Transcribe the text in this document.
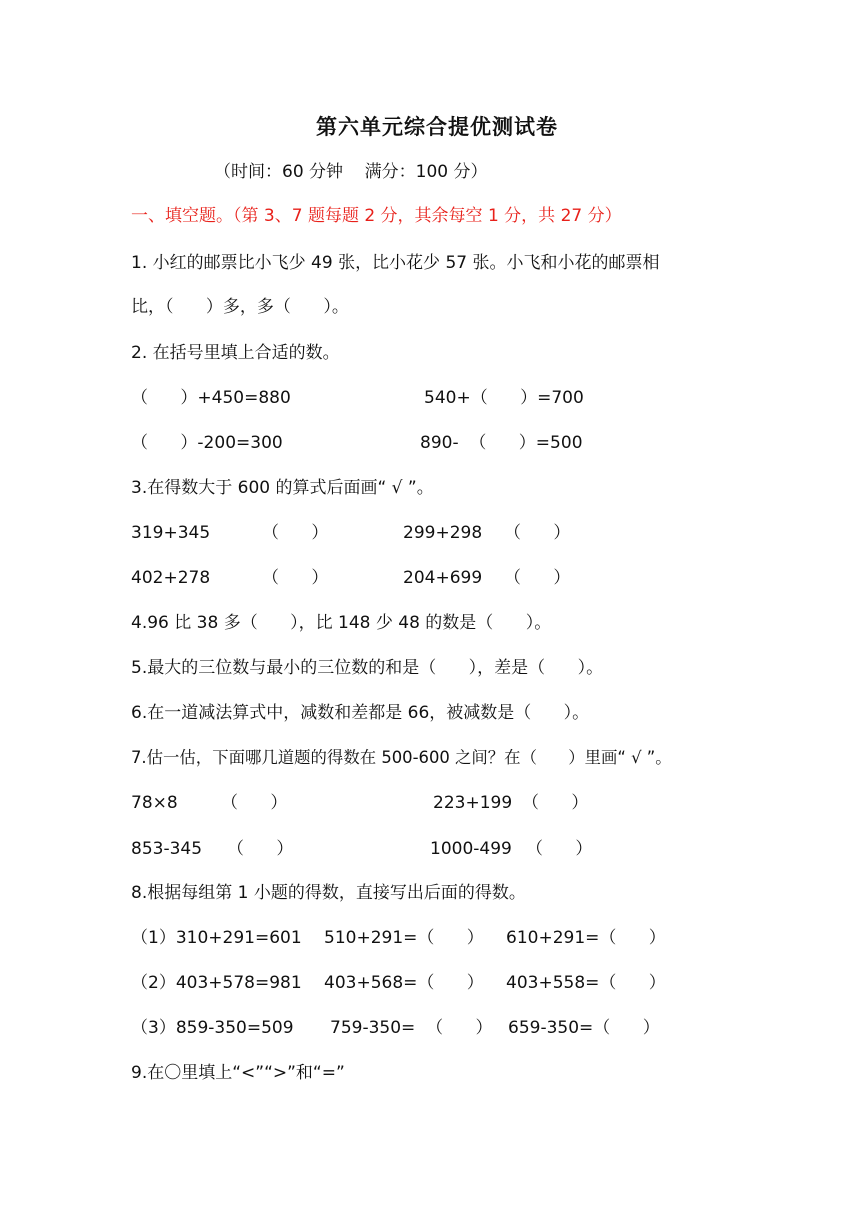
第六单元综合提优测试卷
（时间：60 分钟    满分：100 分）
一、填空题。（第 3、7 题每题 2 分，其余每空 1 分，共 27 分）
1. 小红的邮票比小飞少 49 张，比小花少 57 张。小飞和小花的邮票相
比，（      ）多，多（      ）。
2. 在括号里填上合适的数。
（      ）+450=880	540+（      ）=700
（      ）-200=300	890-  （      ）=500
3.在得数大于 600 的算式后面画“ √ ”。
319+345	（      ）	299+298 （      ）
402+278	（      ）	204+699 （      ）
4.96 比 38 多（      ），比 148 少 48 的数是（      ）。
5.最大的三位数与最小的三位数的和是（      ），差是（      ）。
6.在一道减法算式中，减数和差都是 66，被减数是（      ）。
7.估一估，下面哪几道题的得数在 500-600 之间？在（      ）里画“ √ ”。
78×8	（      ）	223+199 （      ）
853-345 （      ）	1000-499 （      ）
8.根据每组第 1 小题的得数，直接写出后面的得数。
（1）310+291=601 510+291=（      ） 610+291=（      ）
（2）403+578=981 403+568=（      ） 403+558=（      ）
（3）859-350=509 759-350=  （      ） 659-350=（      ）
9.在〇里填上“<”“>”和“=”
